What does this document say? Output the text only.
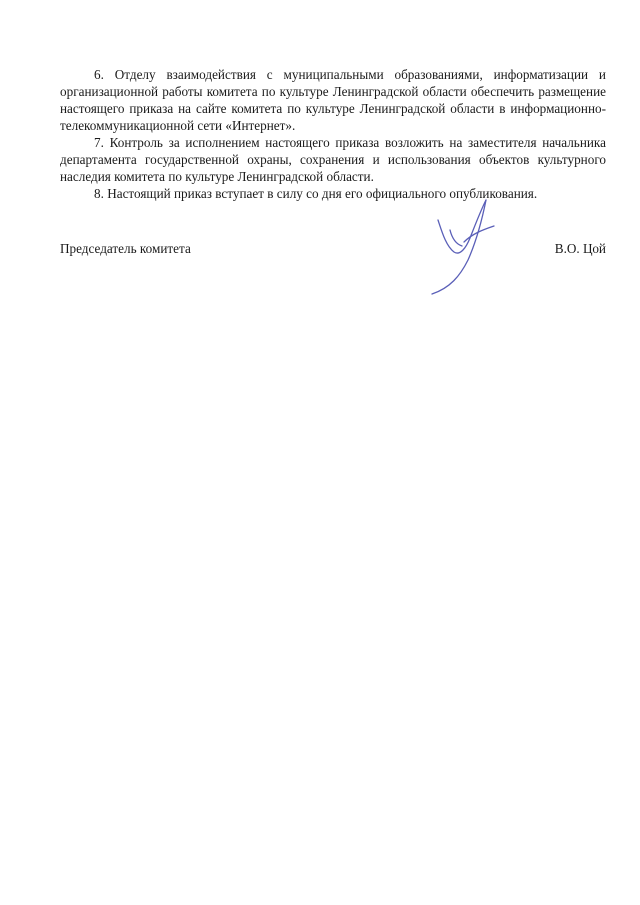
6. Отделу взаимодействия с муниципальными образованиями, информатизации и организационной работы комитета по культуре Ленинградской области обеспечить размещение настоящего приказа на сайте комитета по культуре Ленинградской области в информационно-телекоммуникационной сети «Интернет».

7. Контроль за исполнением настоящего приказа возложить на заместителя начальника департамента государственной охраны, сохранения и использования объектов культурного наследия комитета по культуре Ленинградской области.

8. Настоящий приказ вступает в силу со дня его официального опубликования.

Председатель комитета	В.О. Цой
